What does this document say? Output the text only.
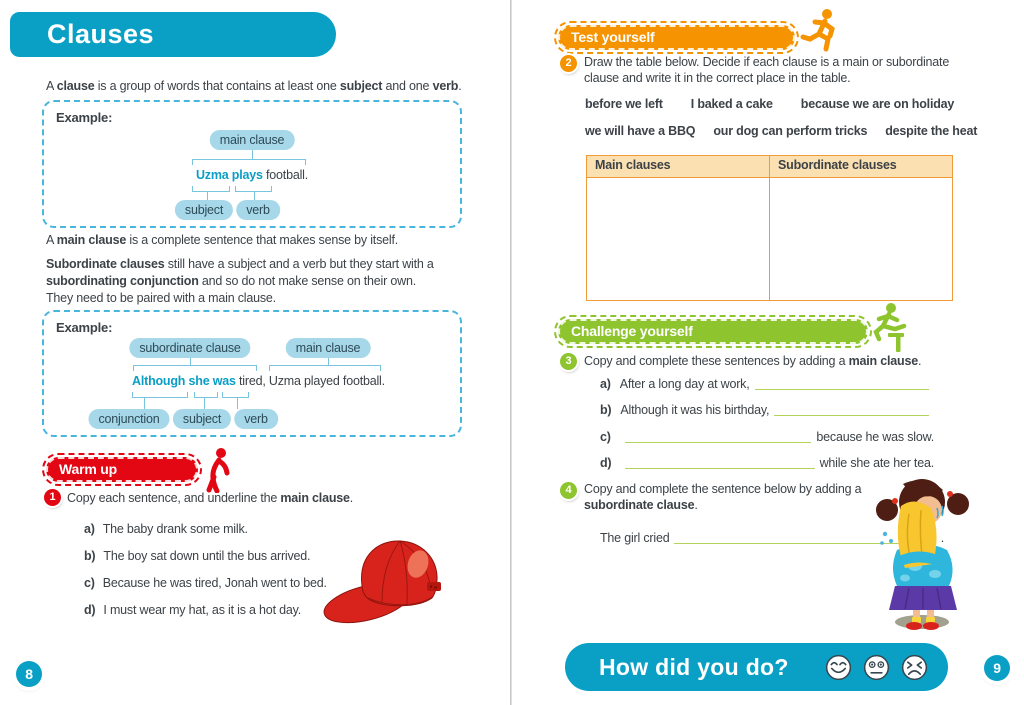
Clauses

A clause is a group of words that contains at least one subject and one verb.

Example:
main clause
Uzma plays football.
subject	verb

A main clause is a complete sentence that makes sense by itself.

Subordinate clauses still have a subject and a verb but they start with a subordinating conjunction and so do not make sense on their own.

They need to be paired with a main clause.

Example:
subordinate clause	main clause
Although she was tired, Uzma played football.
conjunction	subject	verb
Warm up
1 Copy each sentence, and underline the main clause.

a) The baby drank some milk.
b) The boy sat down until the bus arrived.
c) Because he was tired, Jonah went to bed.
d) I must wear my hat, as it is a hot day.
8
Test yourself
2 Draw the table below. Decide if each clause is a main or subordinate clause and write it in the correct place in the table.

before we left I baked a cake because we are on holiday
we will have a BBQ our dog can perform tricks despite the heat
Main clauses	Subordinate clauses
Challenge yourself
3 Copy and complete these sentences by adding a main clause.

a) After a long day at work,
b) Although it was his birthday,
c)	because he was slow.
d)	while she ate her tea.
4 Copy and complete the sentence below by adding a subordinate clause.

The girl cried	.
How did you do?	9
